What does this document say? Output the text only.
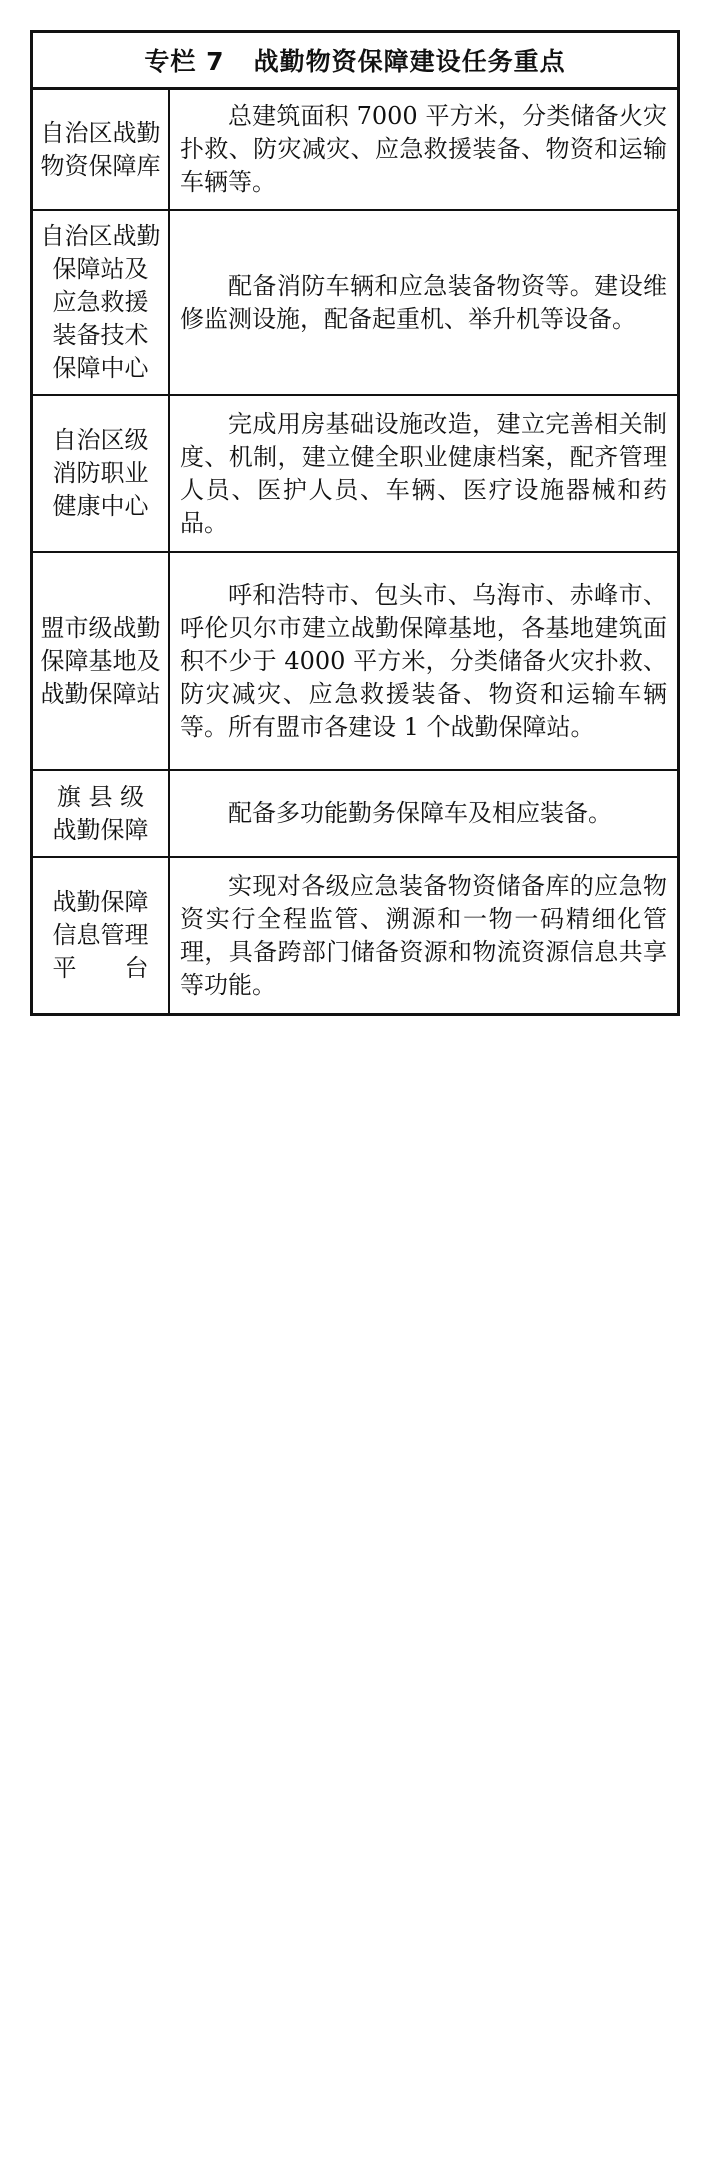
专栏 7   战勤物资保障建设任务重点
自治区战勤
物资保障库
总建筑面积 7000 平方米，分类储备火灾扑救、防灾减灾、应急救援装备、物资和运输车辆等。
自治区战勤
保障站及
应急救援
装备技术
保障中心
配备消防车辆和应急装备物资等。建设维修监测设施，配备起重机、举升机等设备。
自治区级
消防职业
健康中心
完成用房基础设施改造，建立完善相关制度、机制，建立健全职业健康档案，配齐管理人员、医护人员、车辆、医疗设施器械和药品。
盟市级战勤
保障基地及
战勤保障站
呼和浩特市、包头市、乌海市、赤峰市、呼伦贝尔市建立战勤保障基地，各基地建筑面积不少于 4000 平方米，分类储备火灾扑救、防灾减灾、应急救援装备、物资和运输车辆等。所有盟市各建设 1 个战勤保障站。
旗 县 级
战勤保障
配备多功能勤务保障车及相应装备。
战勤保障
信息管理
平　　台
实现对各级应急装备物资储备库的应急物资实行全程监管、溯源和一物一码精细化管理，具备跨部门储备资源和物流资源信息共享等功能。
